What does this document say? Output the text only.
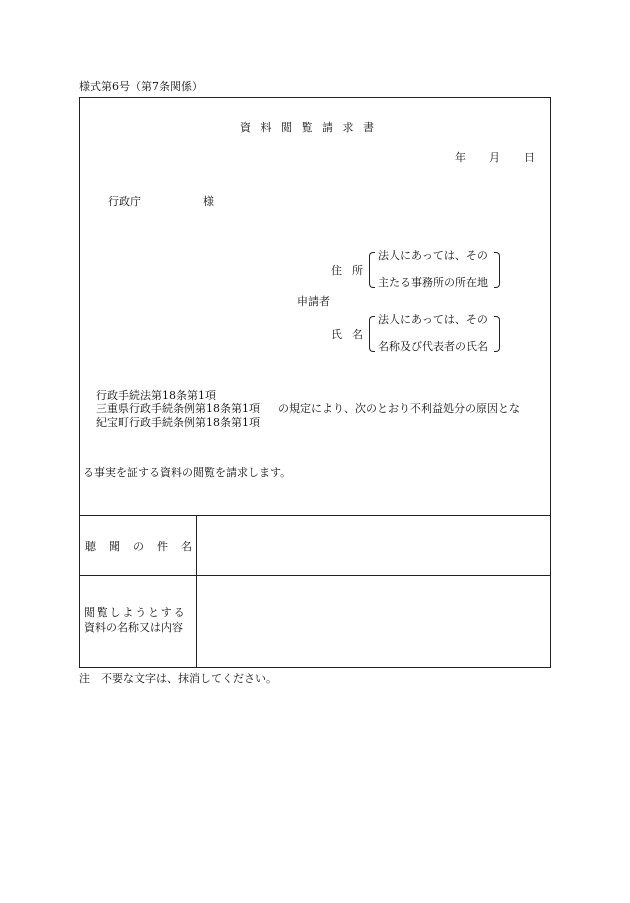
様式第6号（第7条関係）
資料閲覧請求書
年 月 日
行政庁	様
住所
法人にあっては、その
主たる事務所の所在地
申請者
氏名
法人にあっては、その
名称及び代表者の氏名
行政手続法第18条第1項
三重県行政手続条例第18条第1項
紀宝町行政手続条例第18条第1項
の規定により、次のとおり不利益処分の原因とな
る事実を証する資料の閲覧を請求します。
聴聞の件名
閲覧しようとする
資料の名称又は内容
注　不要な文字は、抹消してください。
